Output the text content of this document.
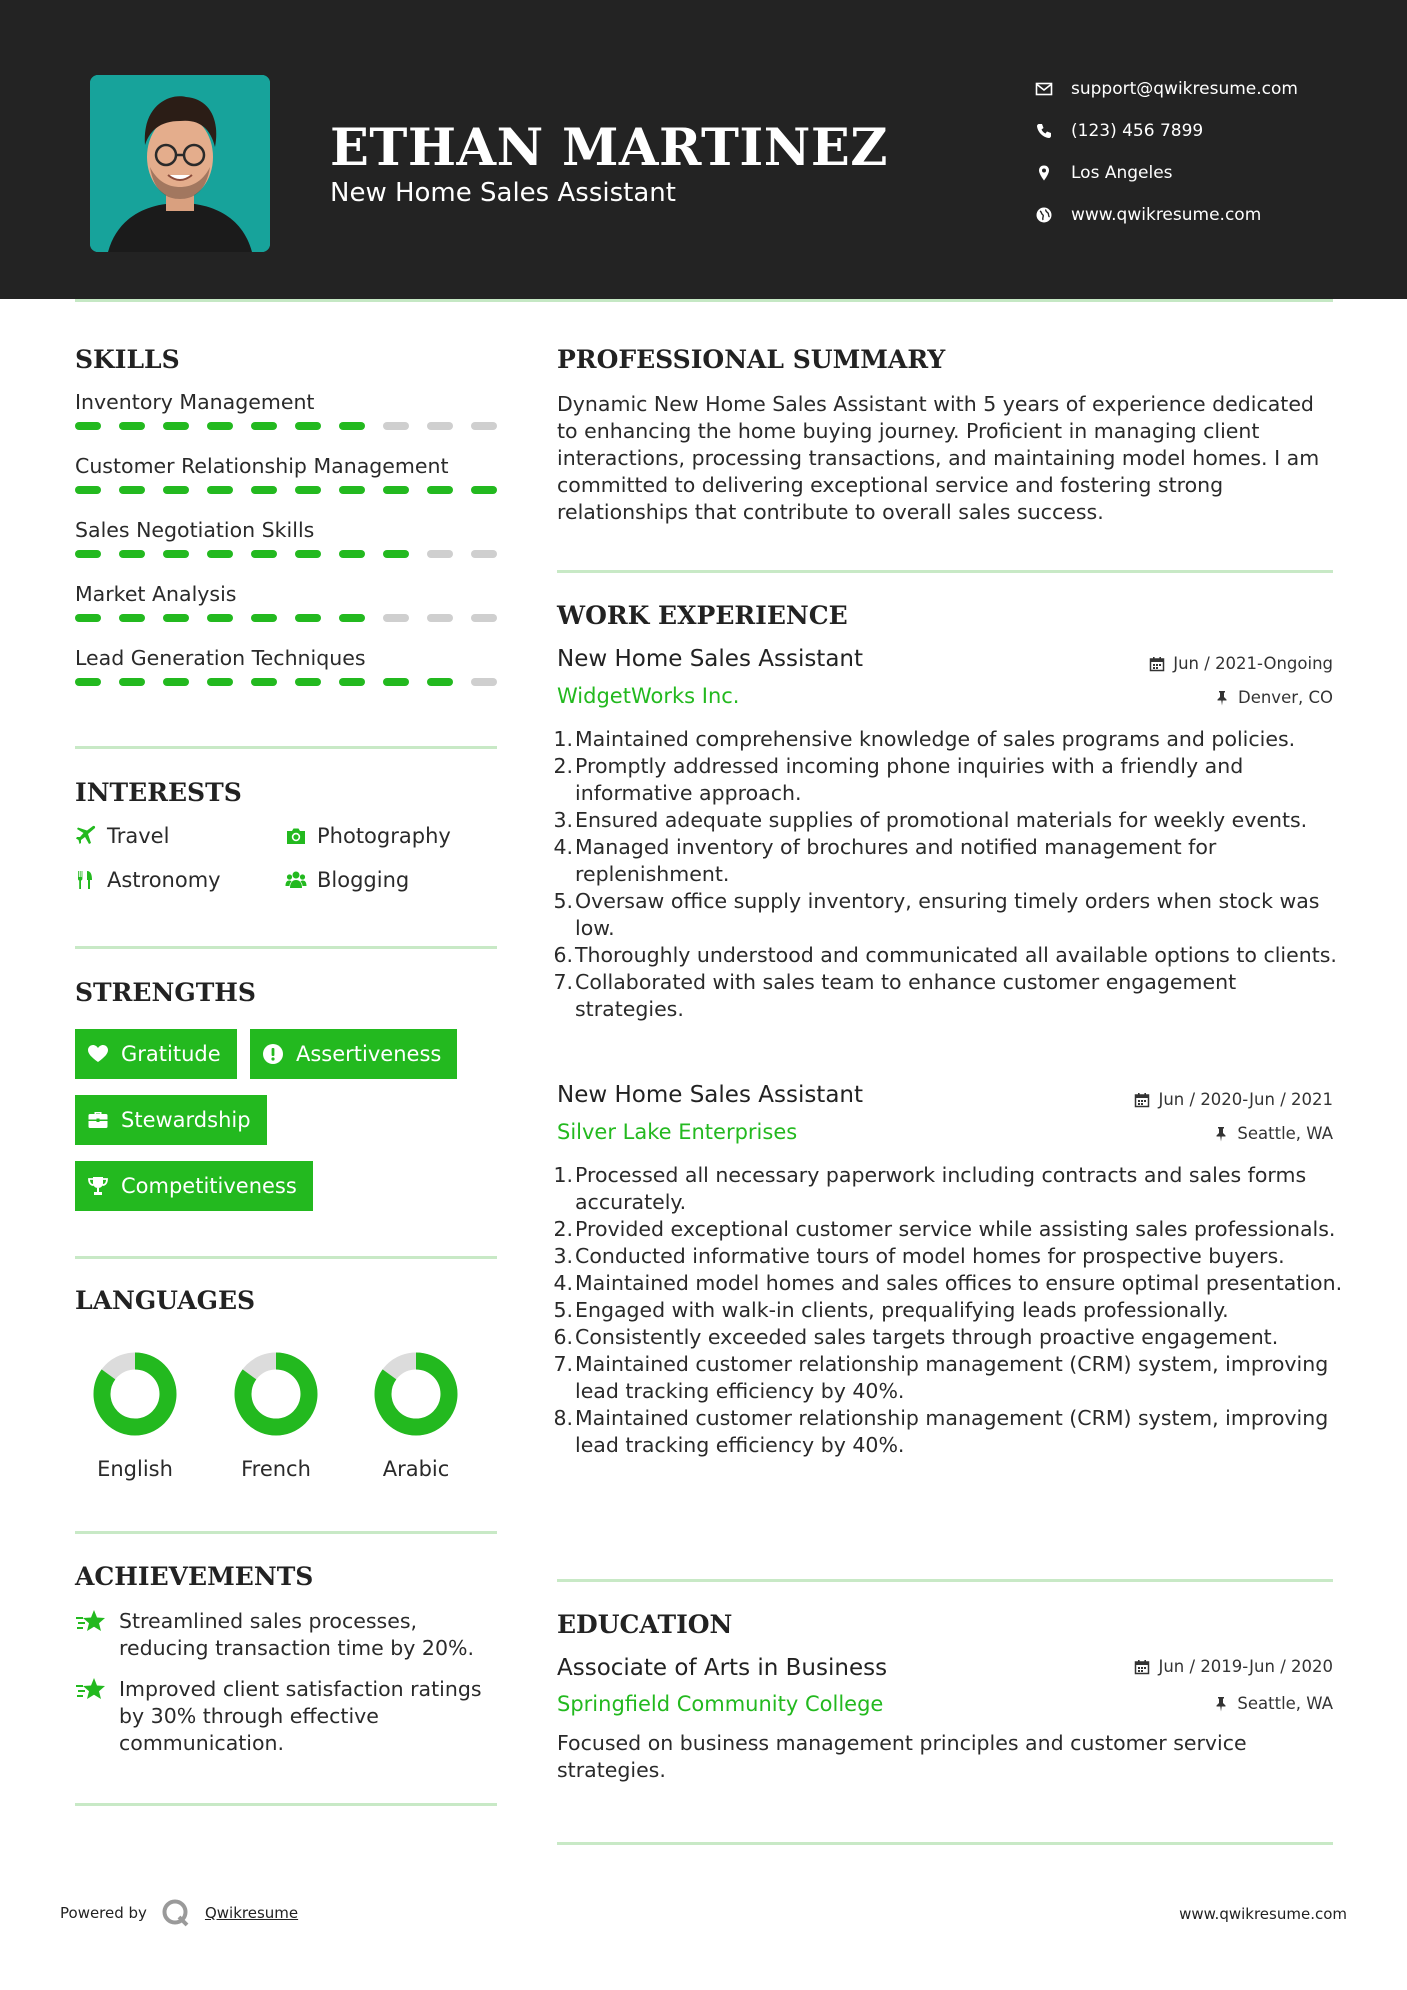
ETHAN MARTINEZ
New Home Sales Assistant
support@qwikresume.com
(123) 456 7899
Los Angeles
www.qwikresume.com
SKILLS
Inventory Management
Customer Relationship Management
Sales Negotiation Skills
Market Analysis
Lead Generation Techniques
INTERESTS
Travel	Photography
Astronomy	Blogging
STRENGTHS
Gratitude	Assertiveness
Stewardship
Competitiveness
LANGUAGES
English	French	Arabic
ACHIEVEMENTS
Streamlined sales processes, reducing transaction time by 20%.
Improved client satisfaction ratings by 30% through effective communication.
PROFESSIONAL SUMMARY
Dynamic New Home Sales Assistant with 5 years of experience dedicated to enhancing the home buying journey. Proficient in managing client interactions, processing transactions, and maintaining model homes. I am committed to delivering exceptional service and fostering strong relationships that contribute to overall sales success.
WORK EXPERIENCE
New Home Sales Assistant	Jun / 2021-Ongoing
WidgetWorks Inc.	Denver, CO
1. Maintained comprehensive knowledge of sales programs and policies.
2. Promptly addressed incoming phone inquiries with a friendly and informative approach.
3. Ensured adequate supplies of promotional materials for weekly events.
4. Managed inventory of brochures and notified management for replenishment.
5. Oversaw office supply inventory, ensuring timely orders when stock was low.
6. Thoroughly understood and communicated all available options to clients.
7. Collaborated with sales team to enhance customer engagement strategies.
New Home Sales Assistant	Jun / 2020-Jun / 2021
Silver Lake Enterprises	Seattle, WA
1. Processed all necessary paperwork including contracts and sales forms accurately.
2. Provided exceptional customer service while assisting sales professionals.
3. Conducted informative tours of model homes for prospective buyers.
4. Maintained model homes and sales offices to ensure optimal presentation.
5. Engaged with walk-in clients, prequalifying leads professionally.
6. Consistently exceeded sales targets through proactive engagement.
7. Maintained customer relationship management (CRM) system, improving lead tracking efficiency by 40%.
8. Maintained customer relationship management (CRM) system, improving lead tracking efficiency by 40%.
EDUCATION
Associate of Arts in Business	Jun / 2019-Jun / 2020
Springfield Community College	Seattle, WA
Focused on business management principles and customer service strategies.
Powered by	Qwikresume	www.qwikresume.com
